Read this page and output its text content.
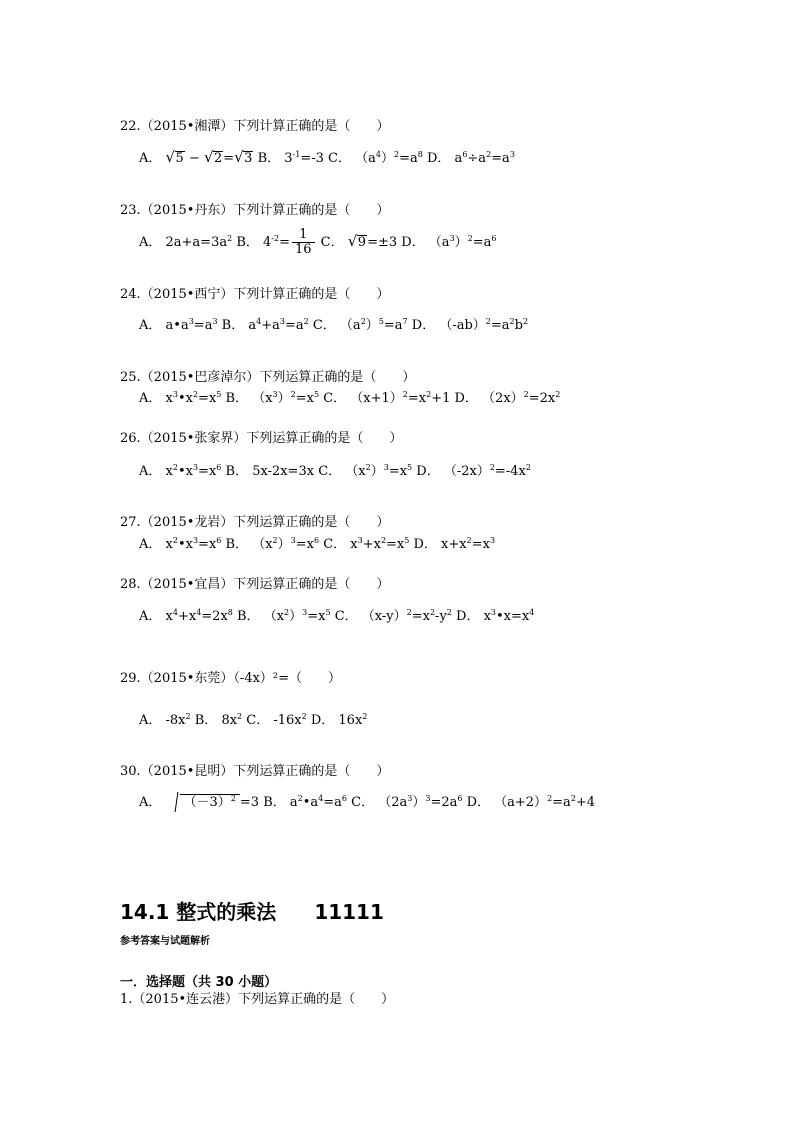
22.（2015•湘潭）下列计算正确的是（　　）
A． √ 5 − √ 2= √ 3 B． $3^{-1}=-3$ C． $(a^4)^2=a^8$ D． $a^6\div a^2=a^3$
23.（2015•丹东）下列计算正确的是（　　）
A． $2a+a=3a^2$ B． $4^{-2}= \frac{1}{16}$ C． √ 9=±3 D． $(a^3)^2=a^6$
24.（2015•西宁）下列计算正确的是（　　）
A． $a•a^3=a^3$ B． $a^4+a^3=a^2$ C． $(a^2)^5=a^7$ D． $(-ab)^2=a^2b^2$
25.（2015•巴彦淖尔）下列运算正确的是（　　）
A． $x^3•x^2=x^5$ B． $(x^3)^2=x^5$ C． $(x+1)^2=x^2+1$ D． $(2x)^2=2x^2$
26.（2015•张家界）下列运算正确的是（　　）
A． $x^2•x^3=x^6$ B． 5x-2x=3x C． $(x^2)^3=x^5$ D． $(-2x)^2=-4x^2$
27.（2015•龙岩）下列运算正确的是（　　）
A． $x^2•x^3=x^6$ B． $(x^2)^3=x^6$ C． $x^3+x^2=x^5$ D． $x+x^2=x^3$
28.（2015•宜昌）下列运算正确的是（　　）
A． $x^4+x^4=2x^8$ B． $(x^2)^3=x^5$ C． $(x-y)^2=x^2-y^2$ D． $x^3•x=x^4$
29.（2015•东莞）（-4x）²=（　　）
A． $-8x^2$ B． $8x^2$ C． $-16x^2$ D． $16x^2$
30.（2015•昆明）下列运算正确的是（　　）
A． $(-3)^2 =3$ B． $a^2•a^4=a^6$ C． $(2a^3)^3=2a^6$ D． $(a+2)^2=a^2+4$
14.1 整式的乘法 11111
参考答案与试题解析
一．选择题（共 30 小题）
1.（2015•连云港）下列运算正确的是（　　）
